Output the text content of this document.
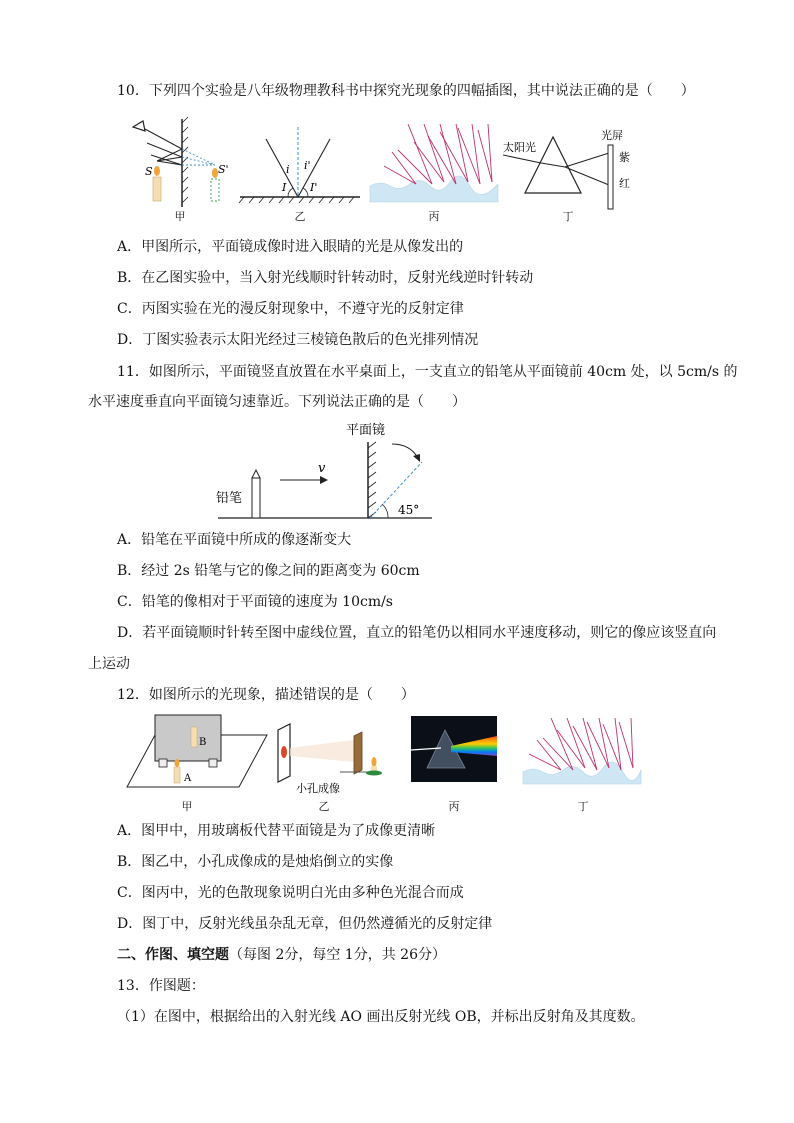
10．下列四个实验是八年级物理教科书中探究光现象的四幅插图，其中说法正确的是（　　）
S	S'
甲
i i'
I I'
乙	丙
太阳光
光屏
紫
红
丁
A．甲图所示，平面镜成像时进入眼睛的光是从像发出的
B．在乙图实验中，当入射光线顺时针转动时，反射光线逆时针转动
C．丙图实验在光的漫反射现象中，不遵守光的反射定律
D．丁图实验表示太阳光经过三棱镜色散后的色光排列情况
11．如图所示，平面镜竖直放置在水平桌面上，一支直立的铅笔从平面镜前 40cm 处，以 5cm/s 的
水平速度垂直向平面镜匀速靠近。下列说法正确的是（　　）
铅笔
v
平面镜
45°
A．铅笔在平面镜中所成的像逐渐变大
B．经过 2s 铅笔与它的像之间的距离变为 60cm
C．铅笔的像相对于平面镜的速度为 10cm/s
D．若平面镜顺时针转至图中虚线位置，直立的铅笔仍以相同水平速度移动，则它的像应该竖直向
上运动
12．如图所示的光现象，描述错误的是（　　）
B
A
甲
小孔成像
乙	丙	丁
A．图甲中，用玻璃板代替平面镜是为了成像更清晰
B．图乙中，小孔成像成的是烛焰倒立的实像
C．图丙中，光的色散现象说明白光由多种色光混合而成
D．图丁中，反射光线虽杂乱无章，但仍然遵循光的反射定律
二、作图、填空题（每图 2分，每空 1分，共 26分）
13．作图题：
（1）在图中，根据给出的入射光线 AO 画出反射光线 OB，并标出反射角及其度数。
